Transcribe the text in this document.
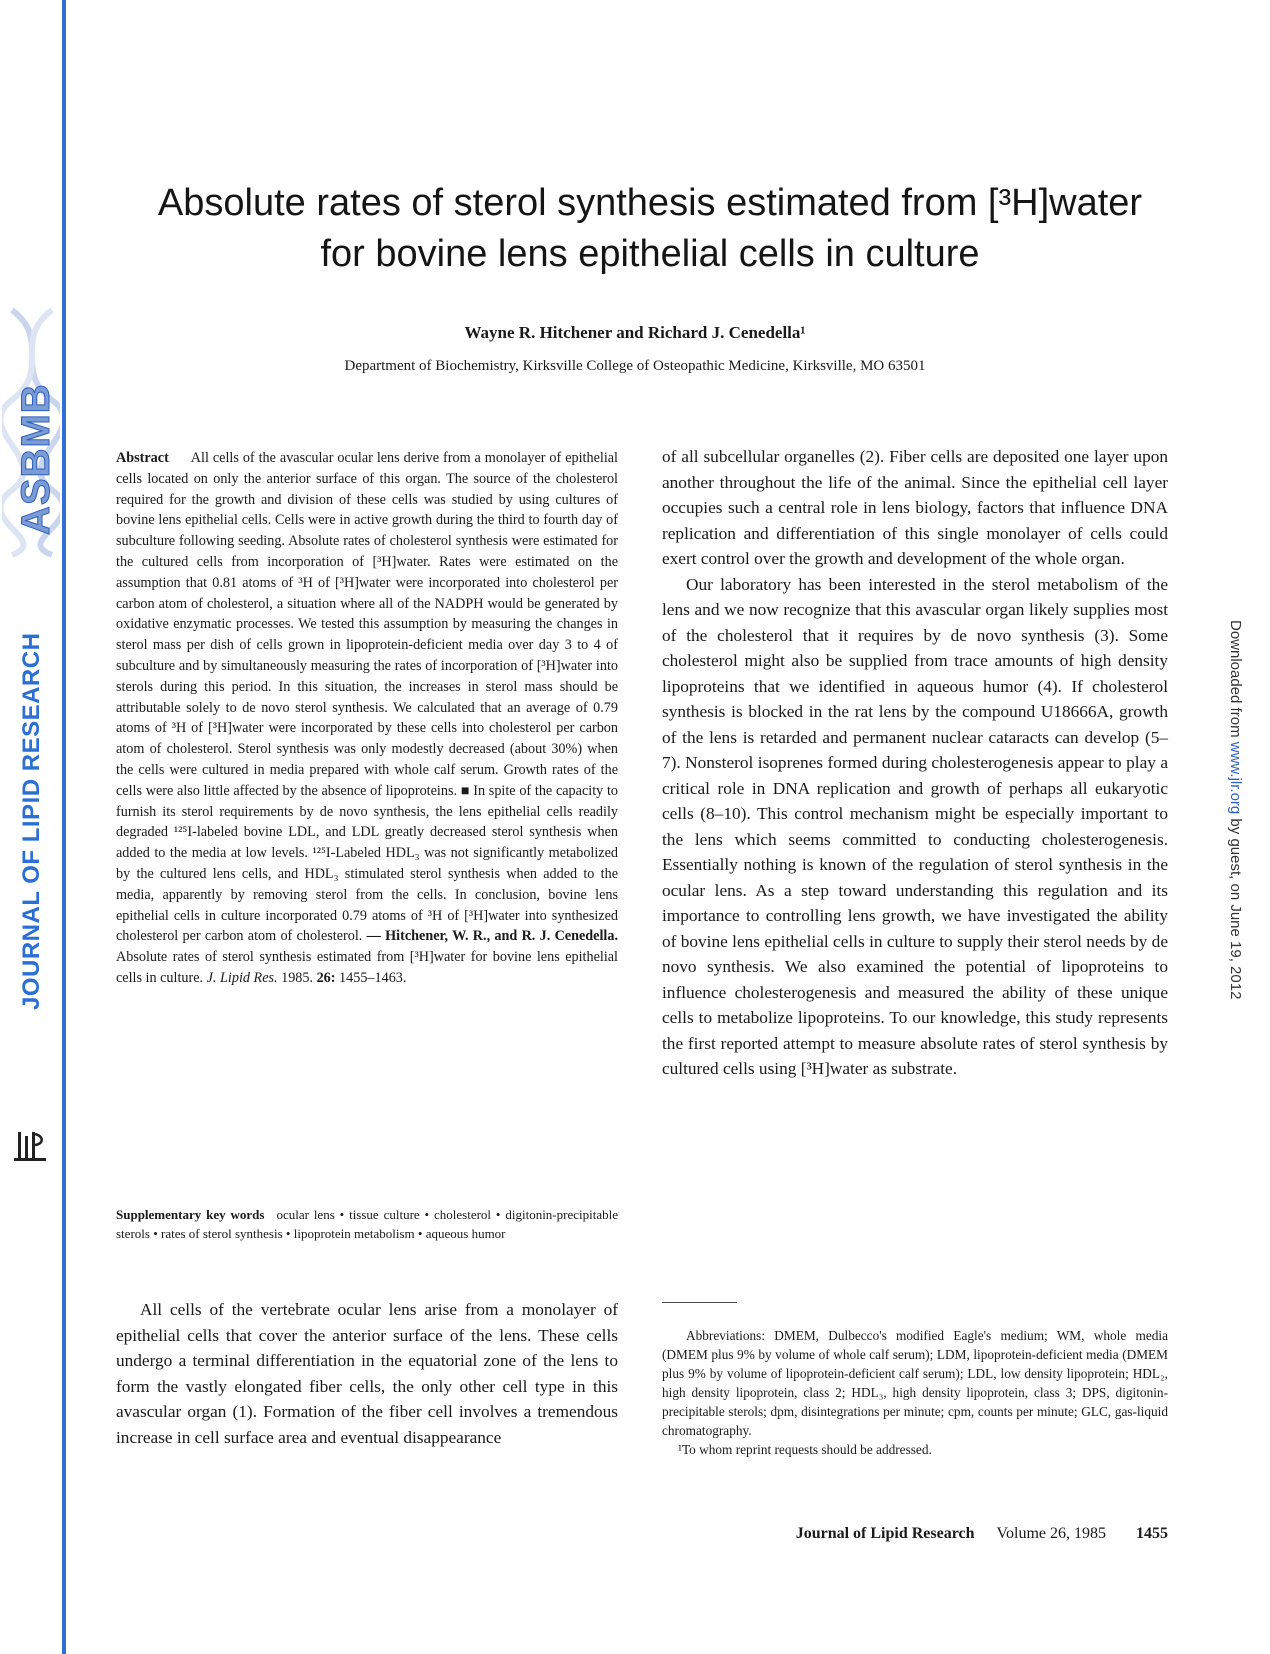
ASBMB
JOURNAL OF LIPID RESEARCH	Downloaded from www.jlr.org by guest, on June 19, 2012
Absolute rates of sterol synthesis estimated from [³H]water for bovine lens epithelial cells in culture
Wayne R. Hitchener and Richard J. Cenedella¹
Department of Biochemistry, Kirksville College of Osteopathic Medicine, Kirksville, MO 63501
Abstract All cells of the avascular ocular lens derive from a monolayer of epithelial cells located on only the anterior surface of this organ. The source of the cholesterol required for the growth and division of these cells was studied by using cultures of bovine lens epithelial cells. Cells were in active growth during the third to fourth day of subculture following seeding. Absolute rates of cholesterol synthesis were estimated for the cultured cells from incorporation of [³H]water. Rates were estimated on the assumption that 0.81 atoms of ³H of [³H]water were incorporated into cholesterol per carbon atom of cholesterol, a situation where all of the NADPH would be generated by oxidative enzymatic processes. We tested this assumption by measuring the changes in sterol mass per dish of cells grown in lipoprotein-deficient media over day 3 to 4 of subculture and by simultaneously measuring the rates of incorporation of [³H]water into sterols during this period. In this situation, the increases in sterol mass should be attributable solely to de novo sterol synthesis. We calculated that an average of 0.79 atoms of ³H of [³H]water were incorporated by these cells into cholesterol per carbon atom of cholesterol. Sterol synthesis was only modestly decreased (about 30%) when the cells were cultured in media prepared with whole calf serum. Growth rates of the cells were also little affected by the absence of lipoproteins. ■ In spite of the capacity to furnish its sterol requirements by de novo synthesis, the lens epithelial cells readily degraded ¹²⁵I-labeled bovine LDL, and LDL greatly decreased sterol synthesis when added to the media at low levels. ¹²⁵I-Labeled HDL₃ was not significantly metabolized by the cultured lens cells, and HDL₃ stimulated sterol synthesis when added to the media, apparently by removing sterol from the cells. In conclusion, bovine lens epithelial cells in culture incorporated 0.79 atoms of ³H of [³H]water into synthesized cholesterol per carbon atom of cholesterol. — Hitchener, W. R., and R. J. Cenedella. Absolute rates of sterol synthesis estimated from [³H]water for bovine lens epithelial cells in culture. J. Lipid Res. 1985. 26: 1455–1463.
Supplementary key words ocular lens • tissue culture • cholesterol • digitonin-precipitable sterols • rates of sterol synthesis • lipoprotein metabolism • aqueous humor

All cells of the vertebrate ocular lens arise from a monolayer of epithelial cells that cover the anterior surface of the lens. These cells undergo a terminal differentiation in the equatorial zone of the lens to form the vastly elongated fiber cells, the only other cell type in this avascular organ (1). Formation of the fiber cell involves a tremendous increase in cell surface area and eventual disappearance

of all subcellular organelles (2). Fiber cells are deposited one layer upon another throughout the life of the animal. Since the epithelial cell layer occupies such a central role in lens biology, factors that influence DNA replication and differentiation of this single monolayer of cells could exert control over the growth and development of the whole organ.

Our laboratory has been interested in the sterol metabolism of the lens and we now recognize that this avascular organ likely supplies most of the cholesterol that it requires by de novo synthesis (3). Some cholesterol might also be supplied from trace amounts of high density lipoproteins that we identified in aqueous humor (4). If cholesterol synthesis is blocked in the rat lens by the compound U18666A, growth of the lens is retarded and permanent nuclear cataracts can develop (5–7). Nonsterol isoprenes formed during cholesterogenesis appear to play a critical role in DNA replication and growth of perhaps all eukaryotic cells (8–10). This control mechanism might be especially important to the lens which seems committed to conducting cholesterogenesis. Essentially nothing is known of the regulation of sterol synthesis in the ocular lens. As a step toward understanding this regulation and its importance to controlling lens growth, we have investigated the ability of bovine lens epithelial cells in culture to supply their sterol needs by de novo synthesis. We also examined the potential of lipoproteins to influence cholesterogenesis and measured the ability of these unique cells to metabolize lipoproteins. To our knowledge, this study represents the first reported attempt to measure absolute rates of sterol synthesis by cultured cells using [³H]water as substrate.

Abbreviations: DMEM, Dulbecco's modified Eagle's medium; WM, whole media (DMEM plus 9% by volume of whole calf serum); LDM, lipoprotein-deficient media (DMEM plus 9% by volume of lipoprotein-deficient calf serum); LDL, low density lipoprotein; HDL₂, high density lipoprotein, class 2; HDL₃, high density lipoprotein, class 3; DPS, digitonin-precipitable sterols; dpm, disintegrations per minute; cpm, counts per minute; GLC, gas-liquid chromatography.

¹To whom reprint requests should be addressed.

Journal of Lipid Research Volume 26, 1985 1455
